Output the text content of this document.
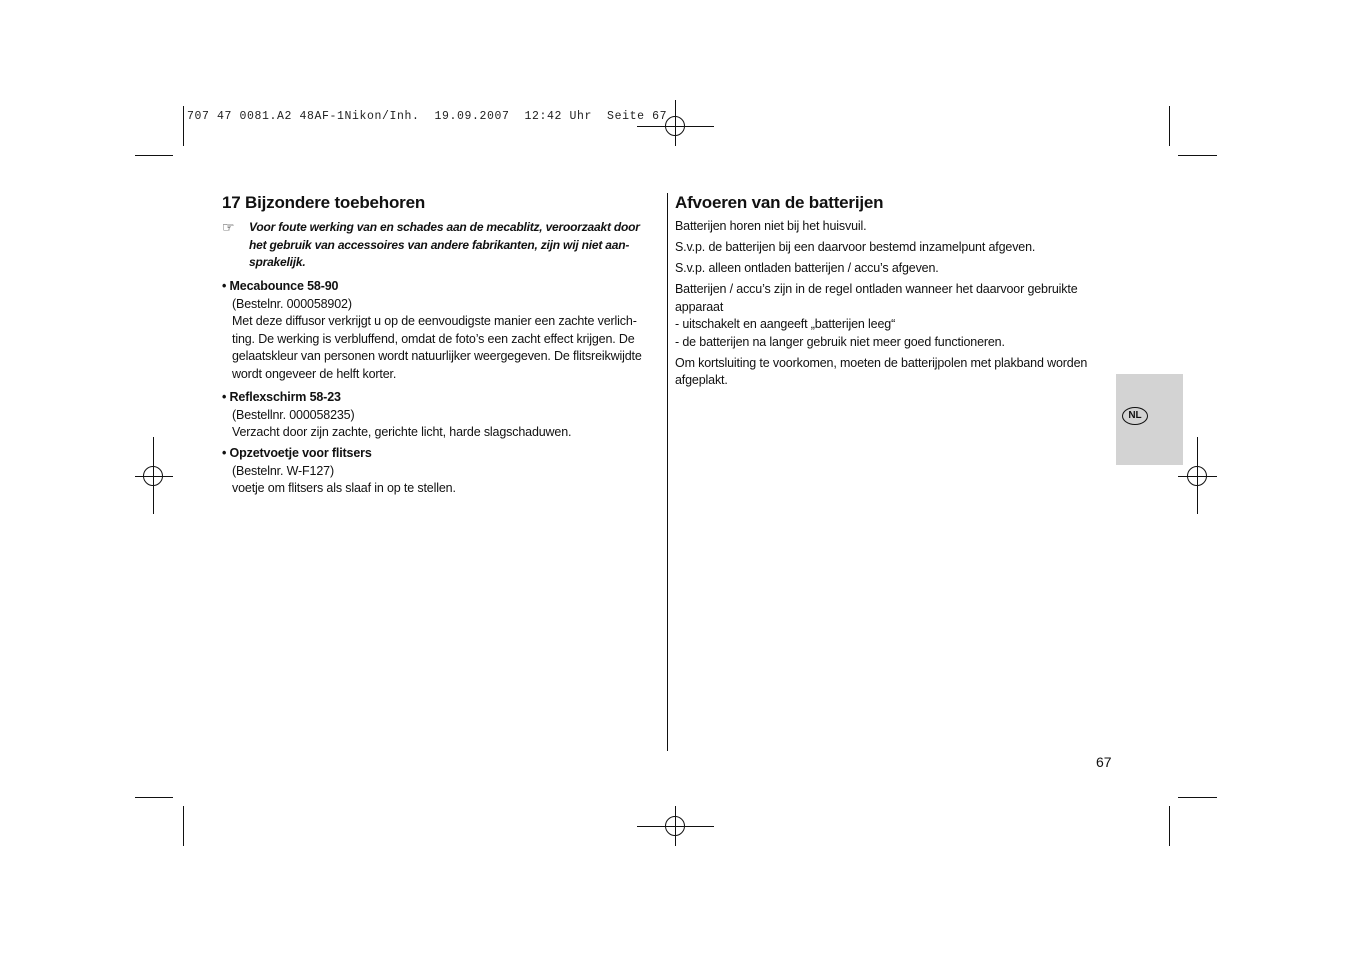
707 47 0081.A2 48AF-1Nikon/Inh.  19.09.2007  12:42 Uhr  Seite 67
17 Bijzondere toebehoren
☞ Voor foute werking van en schades aan de mecablitz, veroorzaakt door
het gebruik van accessoires van andere fabrikanten, zijn wij niet aan-
sprakelijk.
• Mecabounce 58-90
(Bestelnr. 000058902)
Met deze diffusor verkrijgt u op de eenvoudigste manier een zachte verlich-
ting. De werking is verbluffend, omdat de foto’s een zacht effect krijgen. De
gelaatskleur van personen wordt natuurlijker weergegeven. De flitsreikwijdte
wordt ongeveer de helft korter.
• Reflexschirm 58-23
(Bestellnr. 000058235)
Verzacht door zijn zachte, gerichte licht, harde slagschaduwen.
• Opzetvoetje voor flitsers
(Bestelnr. W-F127)
voetje om flitsers als slaaf in op te stellen.
Afvoeren van de batterijen
Batterijen horen niet bij het huisvuil.
S.v.p. de batterijen bij een daarvoor bestemd inzamelpunt afgeven.
S.v.p. alleen ontladen batterijen / accu’s afgeven.
Batterijen / accu’s zijn in de regel ontladen wanneer het daarvoor gebruikte
apparaat
- uitschakelt en aangeeft „batterijen leeg“
- de batterijen na langer gebruik niet meer goed functioneren.
Om kortsluiting te voorkomen, moeten de batterijpolen met plakband worden
afgeplakt.
NL
67
